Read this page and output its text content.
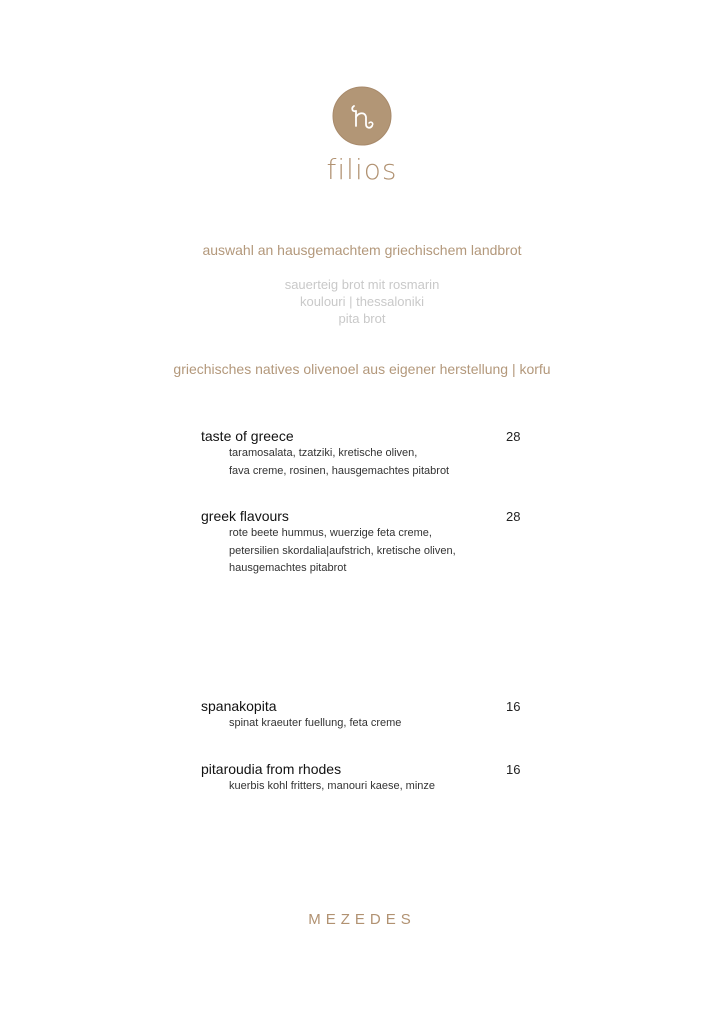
filios
auswahl an hausgemachtem griechischem landbrot
sauerteig brot mit rosmarin
koulouri | thessaloniki
pita brot
griechisches natives olivenoel aus eigener herstellung | korfu
taste of greece	28
taramosalata, tzatziki, kretische oliven,
fava creme, rosinen, hausgemachtes pitabrot
greek flavours	28
rote beete hummus, wuerzige feta creme,
petersilien skordalia|aufstrich, kretische oliven,
hausgemachtes pitabrot
spanakopita	16
spinat kraeuter fuellung, feta creme
pitaroudia from rhodes	16
kuerbis kohl fritters, manouri kaese, minze
MEZEDES
